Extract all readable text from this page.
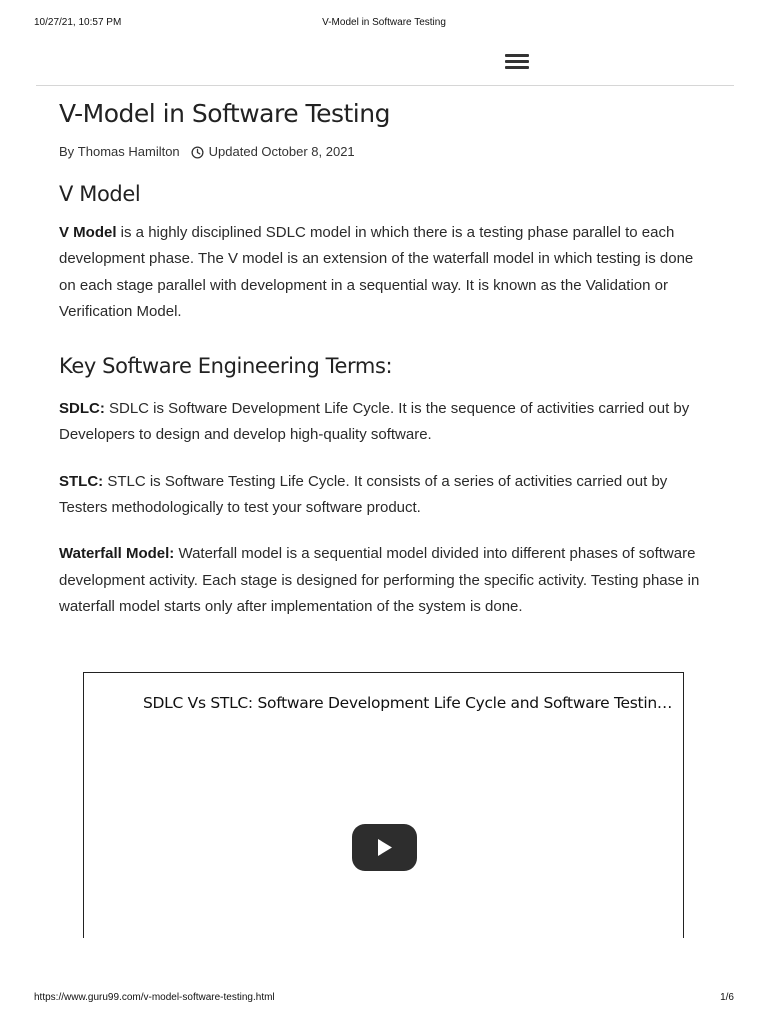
10/27/21, 10:57 PM	V-Model in Software Testing
V-Model in Software Testing
By
Thomas Hamilton Updated October 8, 2021
V Model

V Model is a highly disciplined SDLC model in which there is a testing phase parallel to each development phase. The V model is an extension of the waterfall model in which testing is done on each stage parallel with development in a sequential way. It is known as the Validation or Verification Model.

Key Software Engineering Terms:

SDLC: SDLC is Software Development Life Cycle. It is the sequence of activities carried out by Developers to design and develop high-quality software.

STLC: STLC is Software Testing Life Cycle. It consists of a series of activities carried out by Testers methodologically to test your software product.

Waterfall Model: Waterfall model is a sequential model divided into different phases of software development activity. Each stage is designed for performing the specific activity. Testing phase in waterfall model starts only after implementation of the system is done.

SDLC Vs STLC: Software Development Life Cycle and Software Testin…
https://www.guru99.com/v-model-software-testing.html	1/6
